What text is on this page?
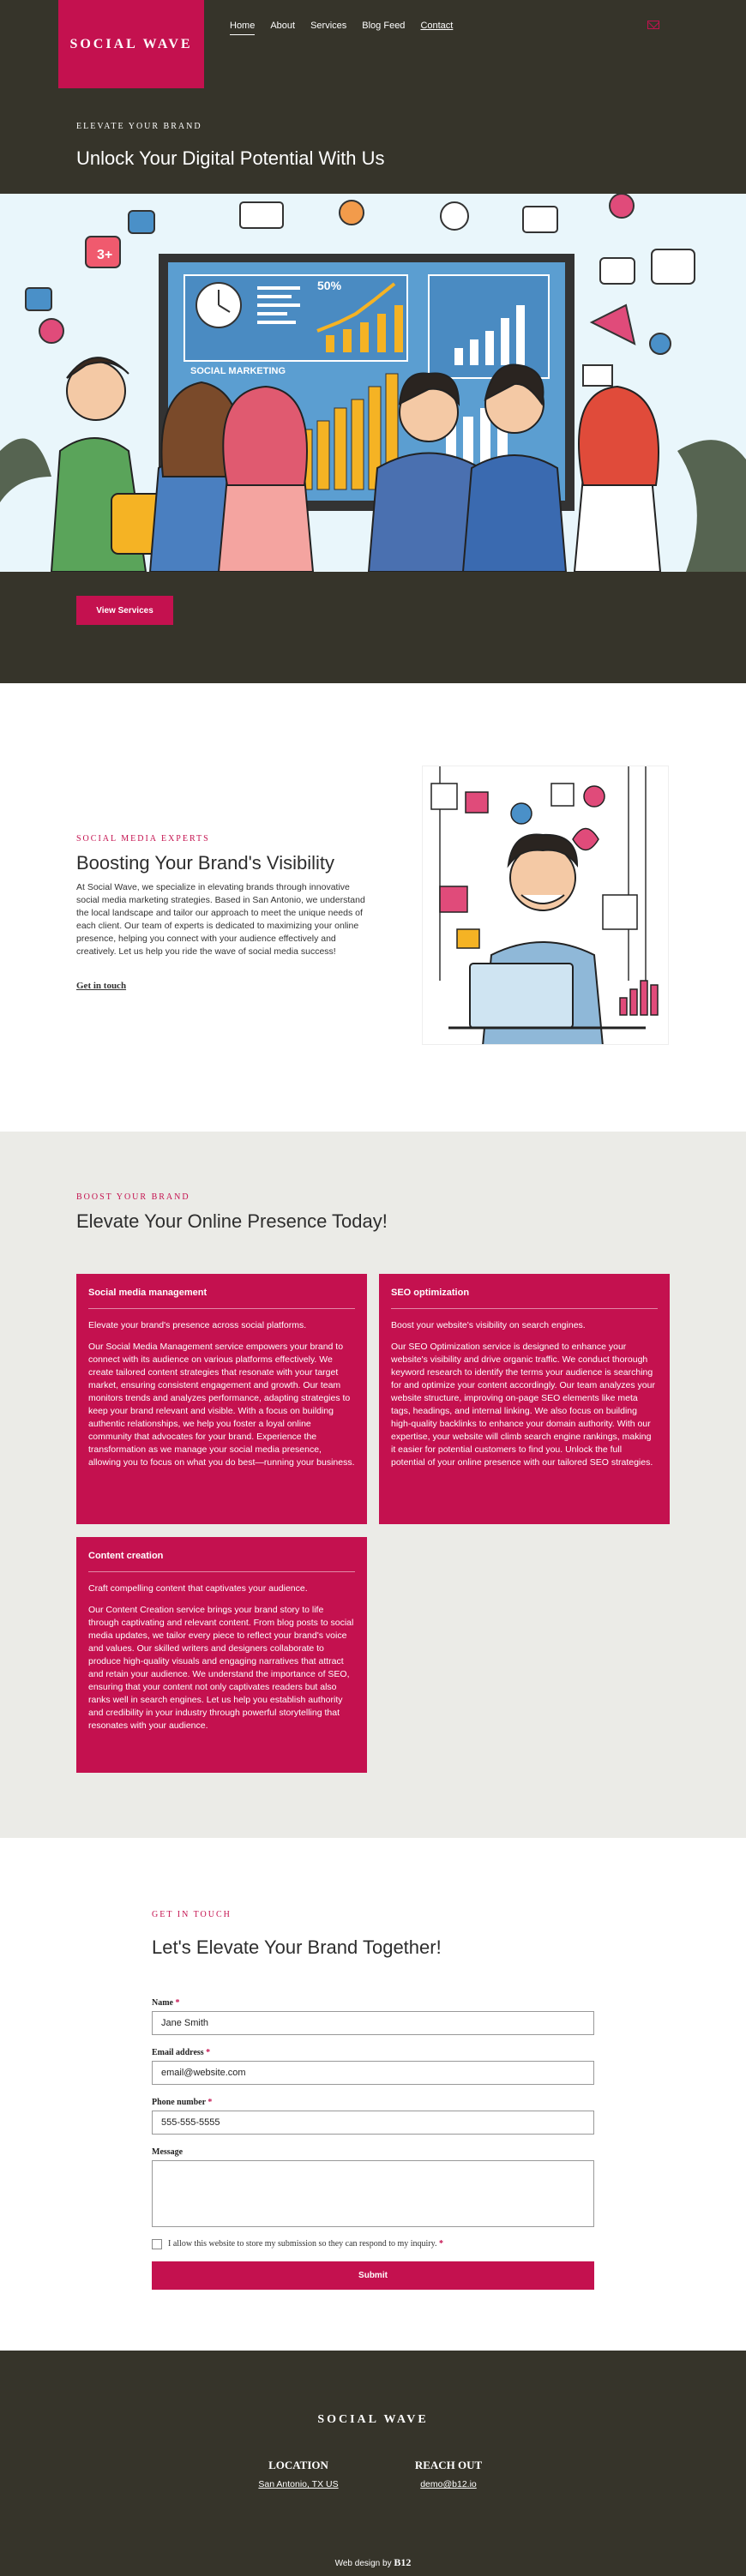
SOCIAL WAVE
Home About Services Blog Feed Contact
ELEVATE YOUR BRAND
Unlock Your Digital Potential With Us
3+
50%
SOCIAL MARKETING
View Services
SOCIAL MEDIA EXPERTS
Boosting Your Brand's Visibility
At Social Wave, we specialize in elevating brands through innovative social media marketing strategies. Based in San Antonio, we understand the local landscape and tailor our approach to meet the unique needs of each client. Our team of experts is dedicated to maximizing your online presence, helping you connect with your audience effectively and creatively. Let us help you ride the wave of social media success!
Get in touch
BOOST YOUR BRAND
Elevate Your Online Presence Today!
Social media management

Elevate your brand's presence across social platforms.

Our Social Media Management service empowers your brand to connect with its audience on various platforms effectively. We create tailored content strategies that resonate with your target market, ensuring consistent engagement and growth. Our team monitors trends and analyzes performance, adapting strategies to keep your brand relevant and visible. With a focus on building authentic relationships, we help you foster a loyal online community that advocates for your brand. Experience the transformation as we manage your social media presence, allowing you to focus on what you do best—running your business.

SEO optimization

Boost your website's visibility on search engines.

Our SEO Optimization service is designed to enhance your website's visibility and drive organic traffic. We conduct thorough keyword research to identify the terms your audience is searching for and optimize your content accordingly. Our team analyzes your website structure, improving on-page SEO elements like meta tags, headings, and internal linking. We also focus on building high-quality backlinks to enhance your domain authority. With our expertise, your website will climb search engine rankings, making it easier for potential customers to find you. Unlock the full potential of your online presence with our tailored SEO strategies.

Content creation

Craft compelling content that captivates your audience.

Our Content Creation service brings your brand story to life through captivating and relevant content. From blog posts to social media updates, we tailor every piece to reflect your brand's voice and values. Our skilled writers and designers collaborate to produce high-quality visuals and engaging narratives that attract and retain your audience. We understand the importance of SEO, ensuring that your content not only captivates readers but also ranks well in search engines. Let us help you establish authority and credibility in your industry through powerful storytelling that resonates with your audience.

GET IN TOUCH
Let's Elevate Your Brand Together!
Name *
Jane Smith
Email address *
email@website.com
Phone number *
555-555-5555
Message
I allow this website to store my submission so they can respond to my inquiry. *
Submit
SOCIAL WAVE
LOCATION
San Antonio, TX US
REACH OUT
demo@b12.io
Web design by B12
